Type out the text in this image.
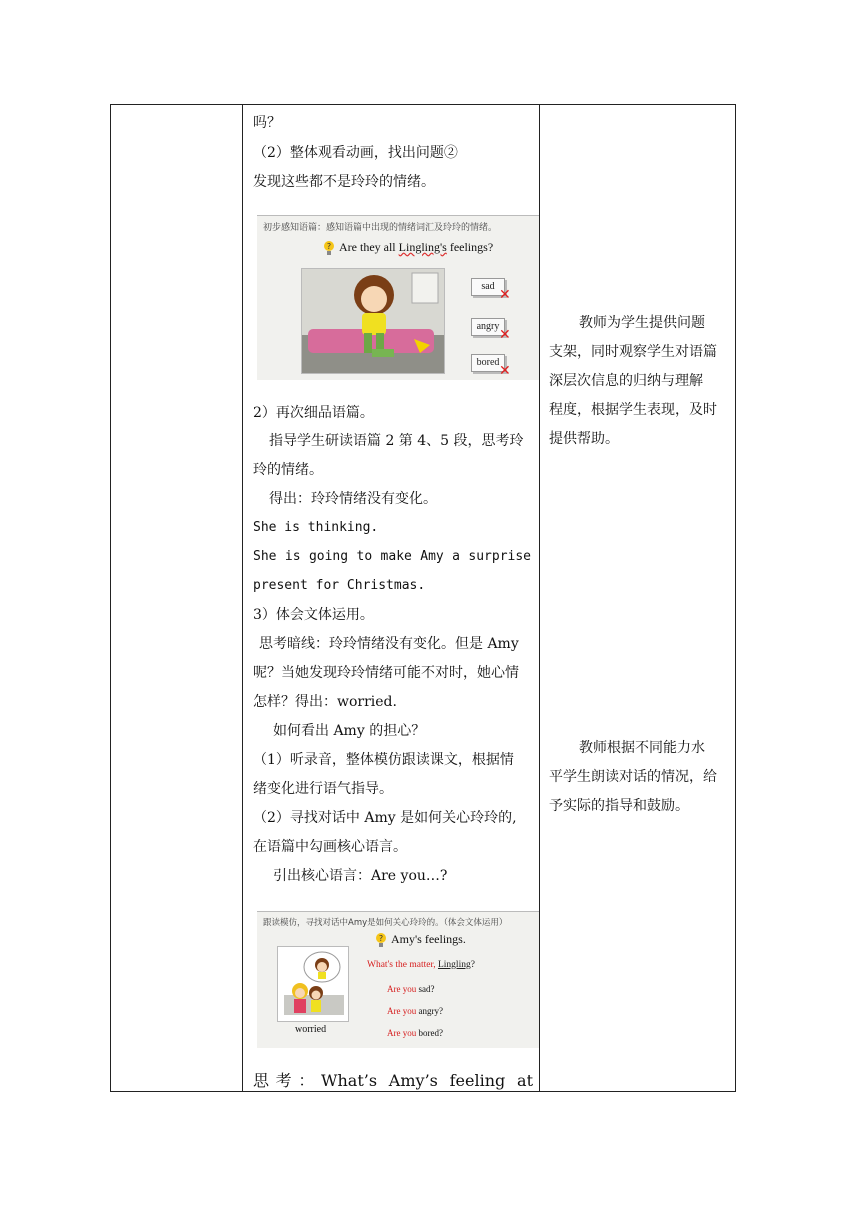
吗？
（2）整体观看动画，找出问题②
发现这些都不是玲玲的情绪。
初步感知语篇：感知语篇中出现的情绪词汇及玲玲的情绪。
? Are they all Lingling's feelings?
sad
✕
angry
✕
bored
✕
2）再次细品语篇。
指导学生研读语篇 2 第 4、5 段，思考玲
玲的情绪。
得出：玲玲情绪没有变化。
She is thinking.
She is going to make Amy a surprise
present for Christmas.
3）体会文体运用。
思考暗线：玲玲情绪没有变化。但是 Amy
呢？当她发现玲玲情绪可能不对时，她心情
怎样？得出：worried.
如何看出 Amy 的担心？
（1）听录音，整体模仿跟读课文，根据情
绪变化进行语气指导。
（2）寻找对话中 Amy 是如何关心玲玲的,
在语篇中勾画核心语言。
引出核心语言：Are you…?
跟读模仿，寻找对话中Amy是如何关心玲玲的。（体会文体运用）
? Amy's feelings.
worried
What's the matter, Lingling?
Are you sad?
Are you angry?
Are you bored?
思考：What’s Amy’s feeling at
教师为学生提供问题
支架，同时观察学生对语篇
深层次信息的归纳与理解
程度，根据学生表现，及时
提供帮助。
教师根据不同能力水
平学生朗读对话的情况，给
予实际的指导和鼓励。
